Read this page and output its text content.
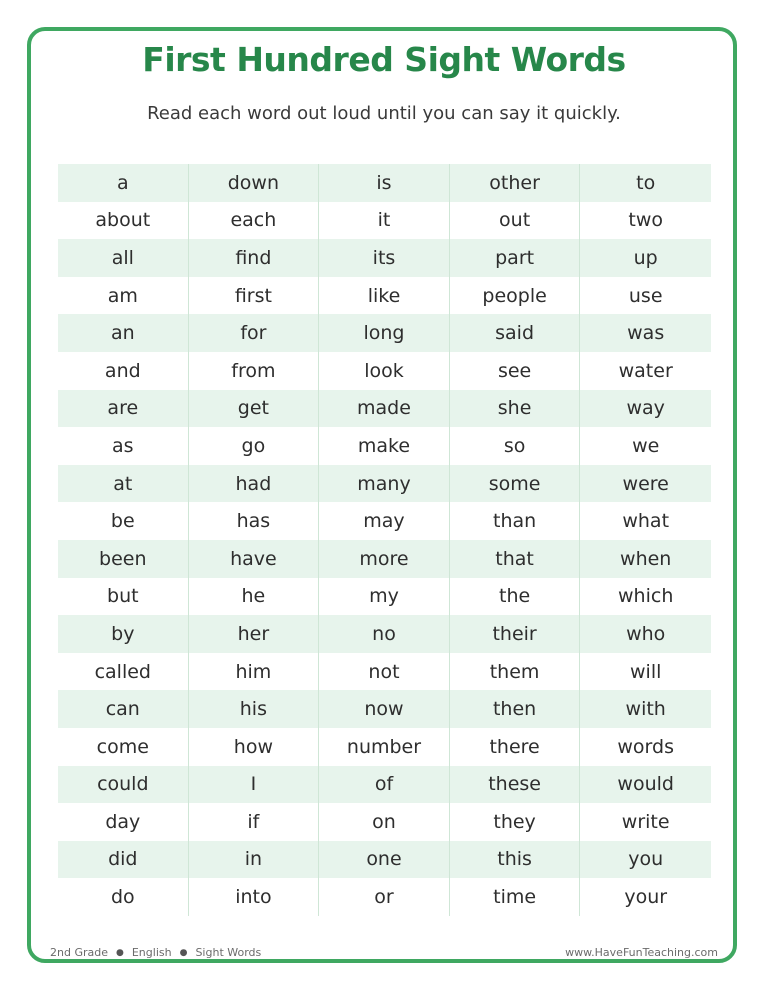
First Hundred Sight Words

Read each word out loud until you can say it quickly.

a	down	is	other	to
about	each	it	out	two
all	find	its	part	up
am	first	like	people	use
an	for	long	said	was
and	from	look	see	water
are	get	made	she	way
as	go	make	so	we
at	had	many	some	were
be	has	may	than	what
been	have	more	that	when
but	he	my	the	which
by	her	no	their	who
called	him	not	them	will
can	his	now	then	with
come	how	number	there	words
could	I	of	these	would
day	if	on	they	write
did	in	one	this	you
do	into	or	time	your
2nd Grade ● English ● Sight Words	www.HaveFunTeaching.com
